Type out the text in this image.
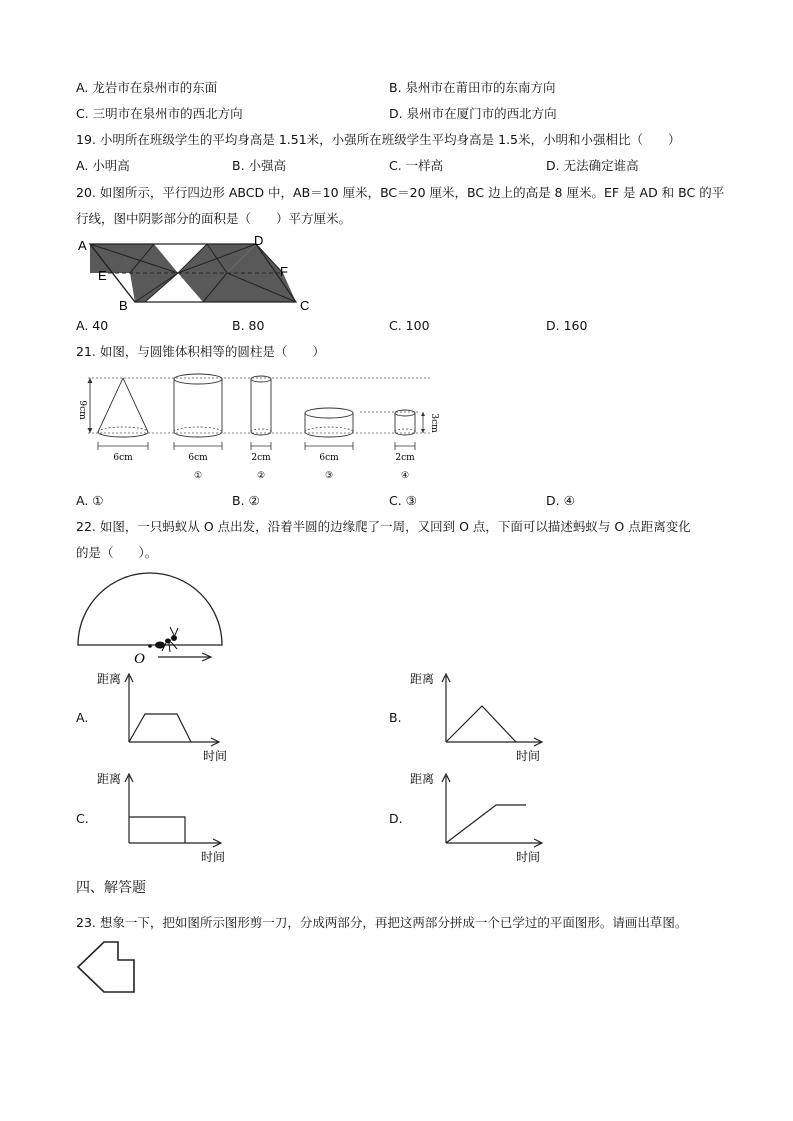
A. 龙岩市在泉州市的东面	B. 泉州市在莆田市的东南方向
C. 三明市在泉州市的西北方向	D. 泉州市在厦门市的西北方向
19. 小明所在班级学生的平均身高是 1.51米，小强所在班级学生平均身高是 1.5米，小明和小强相比（　　）
A. 小明高	B. 小强高	C. 一样高	D. 无法确定谁高
20. 如图所示，平行四边形 ABCD 中，AB＝10 厘米，BC＝20 厘米，BC 边上的高是 8 厘米。EF 是 AD 和 BC 的平
行线，图中阴影部分的面积是（　　）平方厘米。
A	D
E	F
B	C
A. 40	B. 80	C. 100	D. 160
21. 如图，与圆锥体积相等的圆柱是（　　）
9cm
6cm	6cm
①
2cm
②
6cm
③
3cm
2cm
④
A. ①	B. ②	C. ③	D. ④
22. 如图，一只蚂蚁从 O 点出发，沿着半圆的边缘爬了一周，又回到 O 点，下面可以描述蚂蚁与 O 点距离变化
的是（　　）。
O
A.
距离
时间
B.
距离
时间
C.
距离
时间
D.
距离
时间
四、解答题
23. 想象一下，把如图所示图形剪一刀，分成两部分，再把这两部分拼成一个已学过的平面图形。请画出草图。
